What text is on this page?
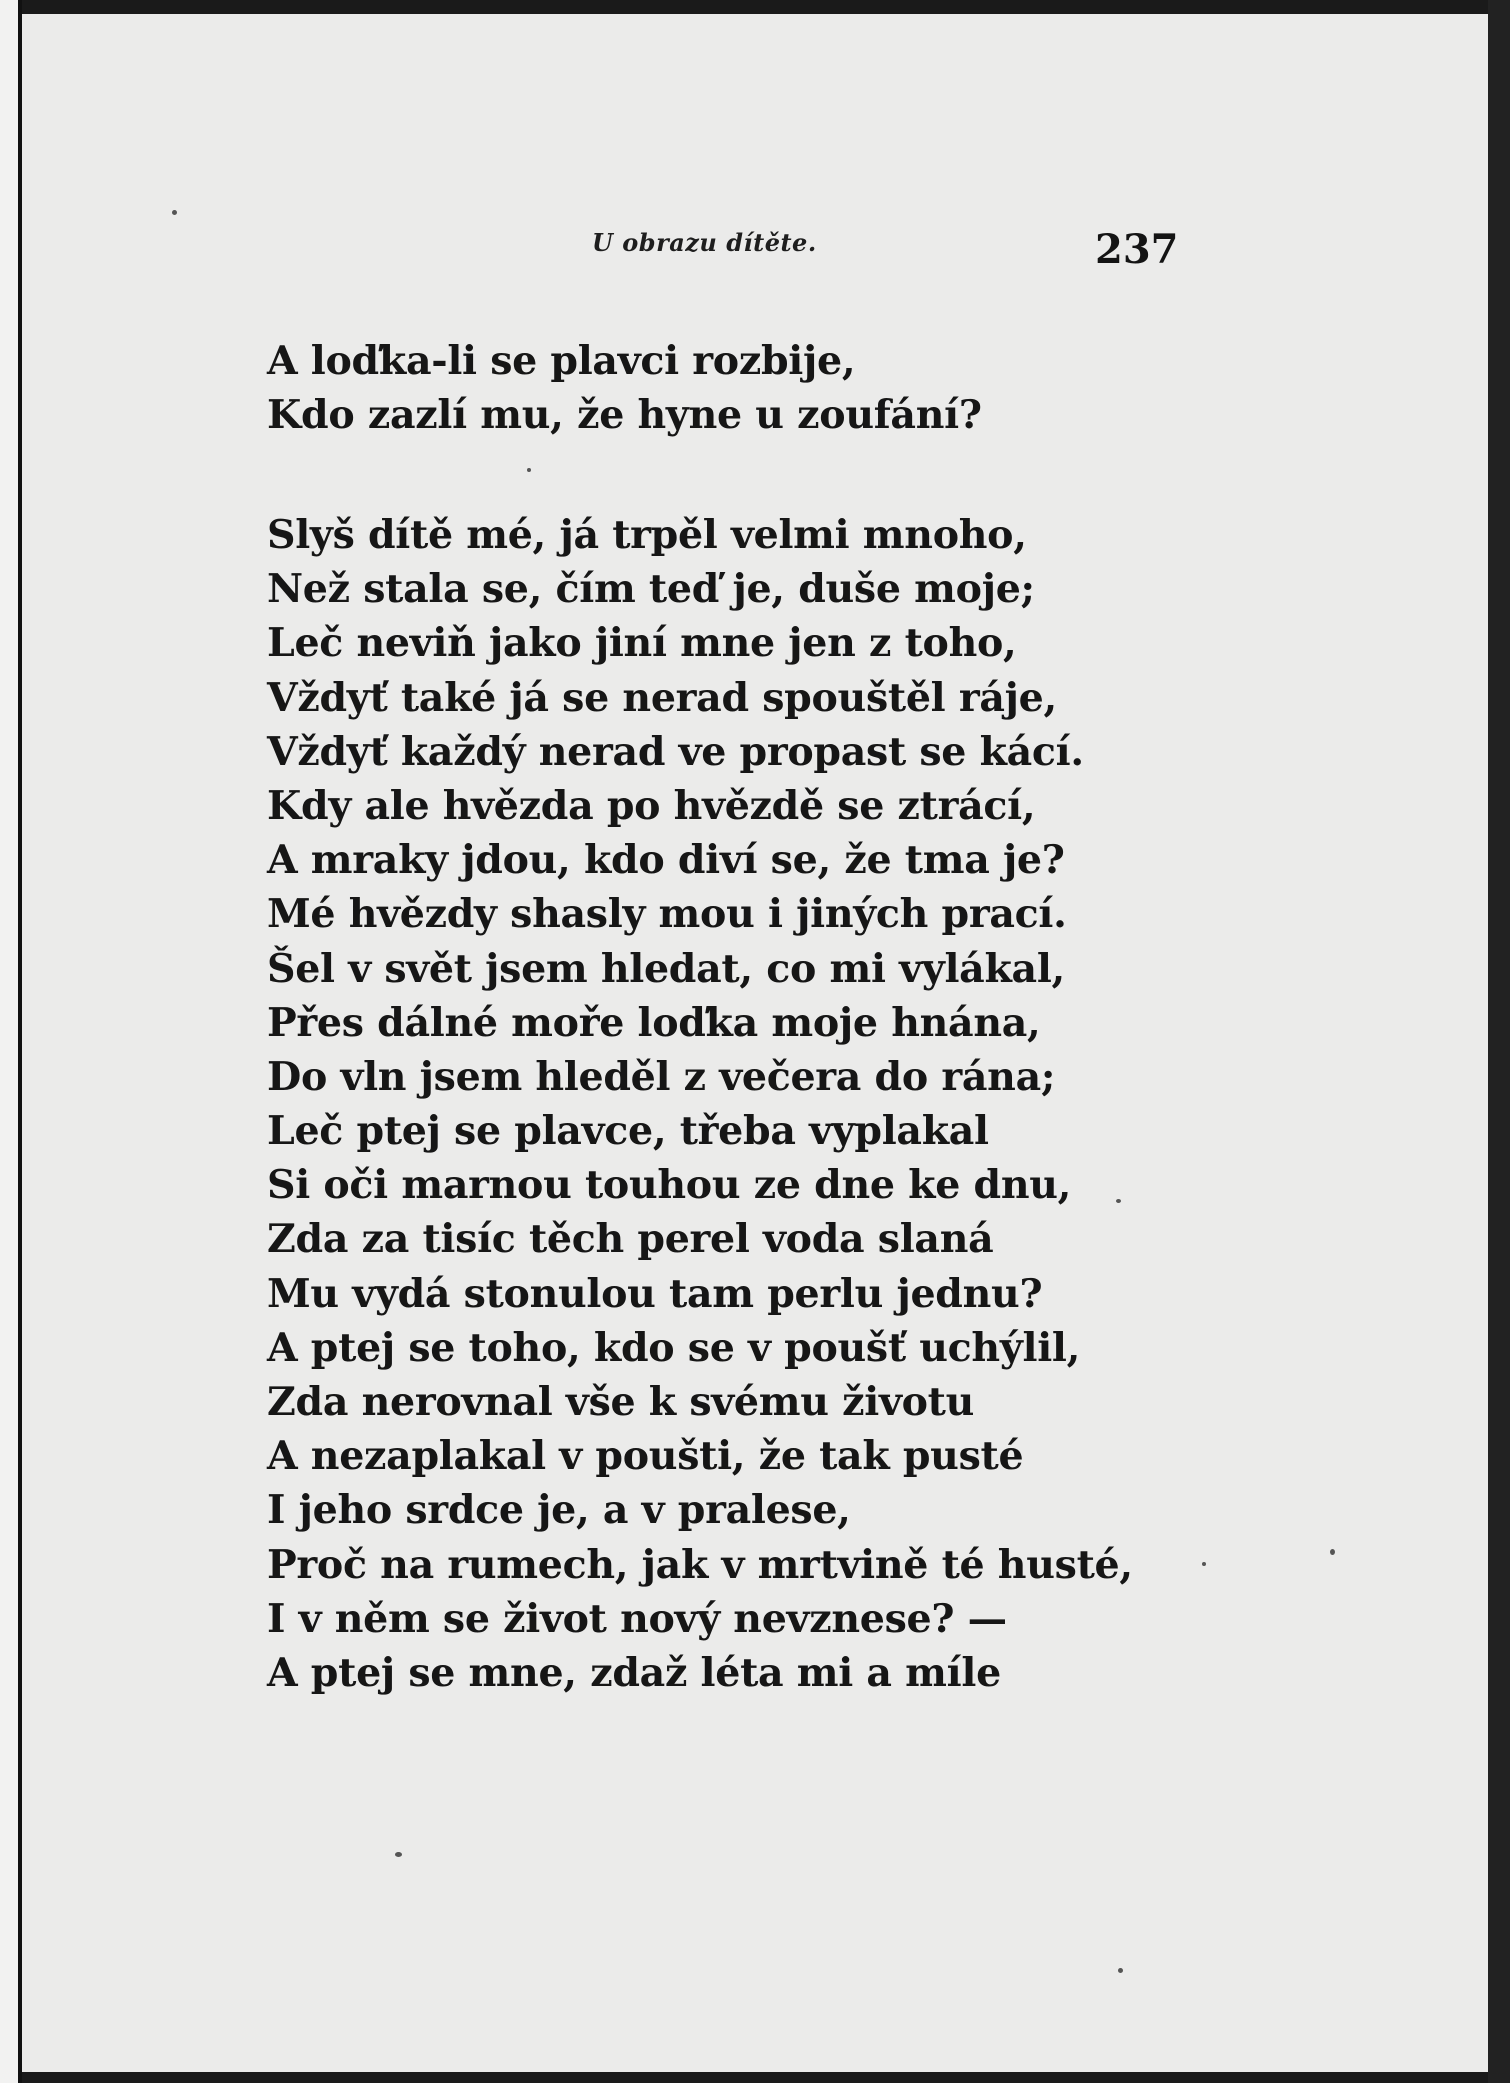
U obrazu dítěte.	237
A loďka-li se plavci rozbije,
Kdo zazlí mu, že hyne u zoufání?
Slyš dítě mé, já trpěl velmi mnoho,
Než stala se, čím teď je, duše moje;
Leč neviň jako jiní mne jen z toho,
Vždyť také já se nerad spouštěl ráje,
Vždyť každý nerad ve propast se kácí.
Kdy ale hvězda po hvězdě se ztrácí,
A mraky jdou, kdo diví se, že tma je?
Mé hvězdy shasly mou i jiných prací.
Šel v svět jsem hledat, co mi vylákal,
Přes dálné moře loďka moje hnána,
Do vln jsem hleděl z večera do rána;
Leč ptej se plavce, třeba vyplakal
Si oči marnou touhou ze dne ke dnu,
Zda za tisíc těch perel voda slaná
Mu vydá stonulou tam perlu jednu?
A ptej se toho, kdo se v poušť uchýlil,
Zda nerovnal vše k svému životu
A nezaplakal v poušti, že tak pusté
I jeho srdce je, a v pralese,
Proč na rumech, jak v mrtvině té husté,
I v něm se život nový nevznese? —
A ptej se mne, zdaž léta mi a míle
